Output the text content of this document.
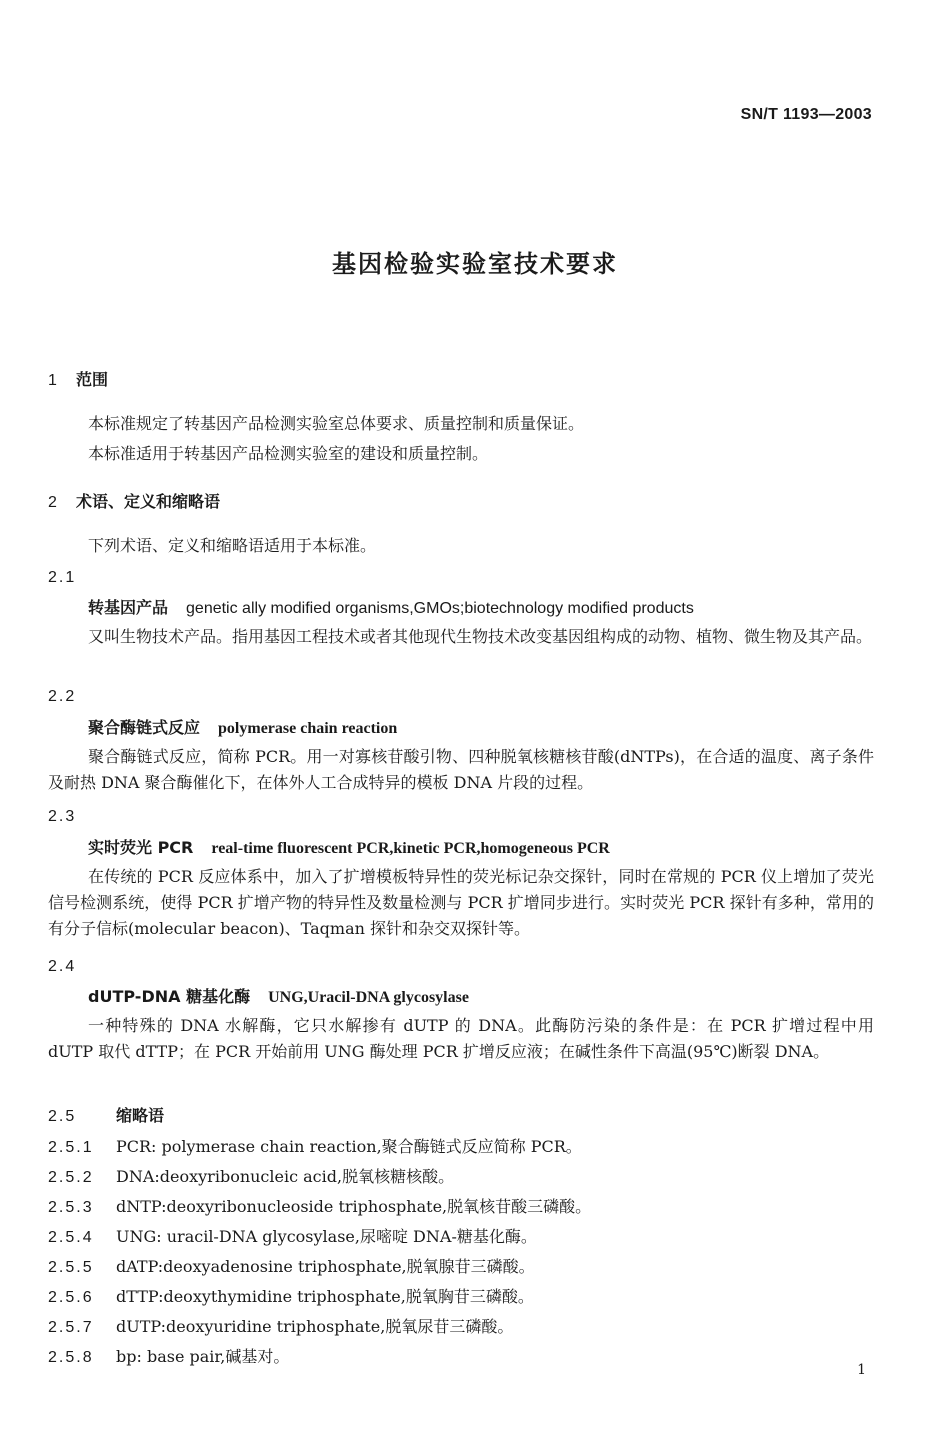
SN/T 1193—2003
基因检验实验室技术要求
1 范围
本标准规定了转基因产品检测实验室总体要求、质量控制和质量保证。
本标准适用于转基因产品检测实验室的建设和质量控制。
2 术语、定义和缩略语
下列术语、定义和缩略语适用于本标准。
2.1
转基因产品 genetic ally modified organisms,GMOs;biotechnology modified products
又叫生物技术产品。指用基因工程技术或者其他现代生物技术改变基因组构成的动物、植物、微生物及其产品。
2.2
聚合酶链式反应 polymerase chain reaction
聚合酶链式反应，简称 PCR。用一对寡核苷酸引物、四种脱氧核糖核苷酸(dNTPs)，在合适的温度、离子条件及耐热 DNA 聚合酶催化下，在体外人工合成特异的模板 DNA 片段的过程。
2.3
实时荧光 PCR real-time fluorescent PCR,kinetic PCR,homogeneous PCR
在传统的 PCR 反应体系中，加入了扩增模板特异性的荧光标记杂交探针，同时在常规的 PCR 仪上增加了荧光信号检测系统，使得 PCR 扩增产物的特异性及数量检测与 PCR 扩增同步进行。实时荧光 PCR 探针有多种，常用的有分子信标(molecular beacon)、Taqman 探针和杂交双探针等。
2.4
dUTP-DNA 糖基化酶 UNG,Uracil-DNA glycosylase
一种特殊的 DNA 水解酶，它只水解掺有 dUTP 的 DNA。此酶防污染的条件是：在 PCR 扩增过程中用 dUTP 取代 dTTP；在 PCR 开始前用 UNG 酶处理 PCR 扩增反应液；在碱性条件下高温(95℃)断裂 DNA。
2.5 缩略语
2.5.1 PCR: polymerase chain reaction,聚合酶链式反应简称 PCR。
2.5.2 DNA:deoxyribonucleic acid,脱氧核糖核酸。
2.5.3 dNTP:deoxyribonucleoside triphosphate,脱氧核苷酸三磷酸。
2.5.4 UNG: uracil-DNA glycosylase,尿嘧啶 DNA-糖基化酶。
2.5.5 dATP:deoxyadenosine triphosphate,脱氧腺苷三磷酸。
2.5.6 dTTP:deoxythymidine triphosphate,脱氧胸苷三磷酸。
2.5.7 dUTP:deoxyuridine triphosphate,脱氧尿苷三磷酸。
2.5.8 bp: base pair,碱基对。
1
